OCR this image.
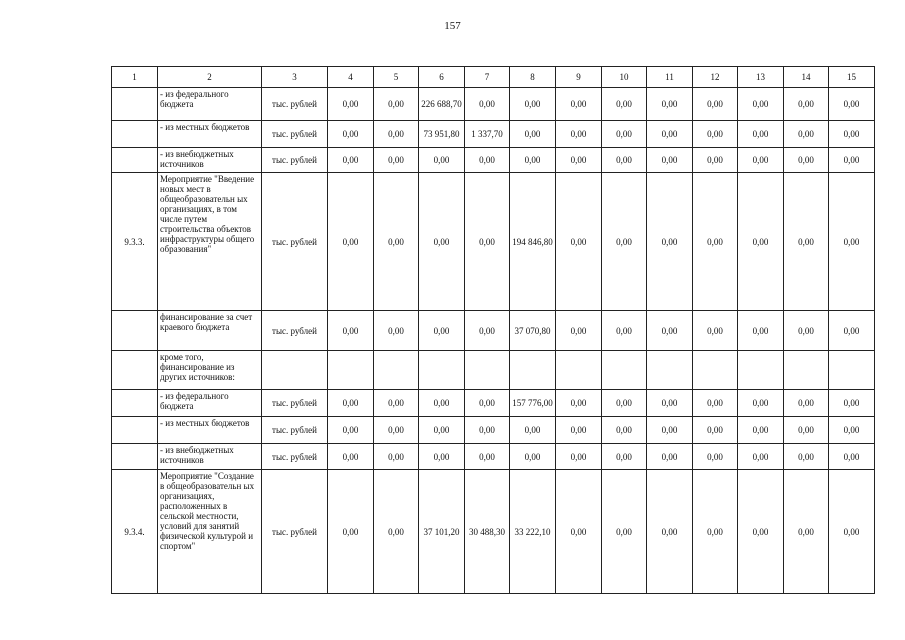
157
1	2	3	4	5	6	7	8	9	10	11	12	13	14	15
	- из федерального бюджета	тыс. рублей	0,00	0,00	226 688,70	0,00	0,00	0,00	0,00	0,00	0,00	0,00	0,00	0,00
	- из местных бюджетов	тыс. рублей	0,00	0,00	73 951,80	1 337,70	0,00	0,00	0,00	0,00	0,00	0,00	0,00	0,00
	- из внебюджетных источников	тыс. рублей	0,00	0,00	0,00	0,00	0,00	0,00	0,00	0,00	0,00	0,00	0,00	0,00
9.3.3.	Мероприятие "Введение новых мест в общеобразовательн ых организациях, в том числе путем строительства объектов инфраструктуры общего образования"	тыс. рублей	0,00	0,00	0,00	0,00	194 846,80	0,00	0,00	0,00	0,00	0,00	0,00	0,00
	финансирование за счет краевого бюджета	тыс. рублей	0,00	0,00	0,00	0,00	37 070,80	0,00	0,00	0,00	0,00	0,00	0,00	0,00
	кроме того, финансирование из других источников:													
	- из федерального бюджета	тыс. рублей	0,00	0,00	0,00	0,00	157 776,00	0,00	0,00	0,00	0,00	0,00	0,00	0,00
	- из местных бюджетов	тыс. рублей	0,00	0,00	0,00	0,00	0,00	0,00	0,00	0,00	0,00	0,00	0,00	0,00
	- из внебюджетных источников	тыс. рублей	0,00	0,00	0,00	0,00	0,00	0,00	0,00	0,00	0,00	0,00	0,00	0,00
9.3.4.	Мероприятие "Создание в общеобразовательн ых организациях, расположенных в сельской местности, условий для занятий физической культурой и спортом"	тыс. рублей	0,00	0,00	37 101,20	30 488,30	33 222,10	0,00	0,00	0,00	0,00	0,00	0,00	0,00
